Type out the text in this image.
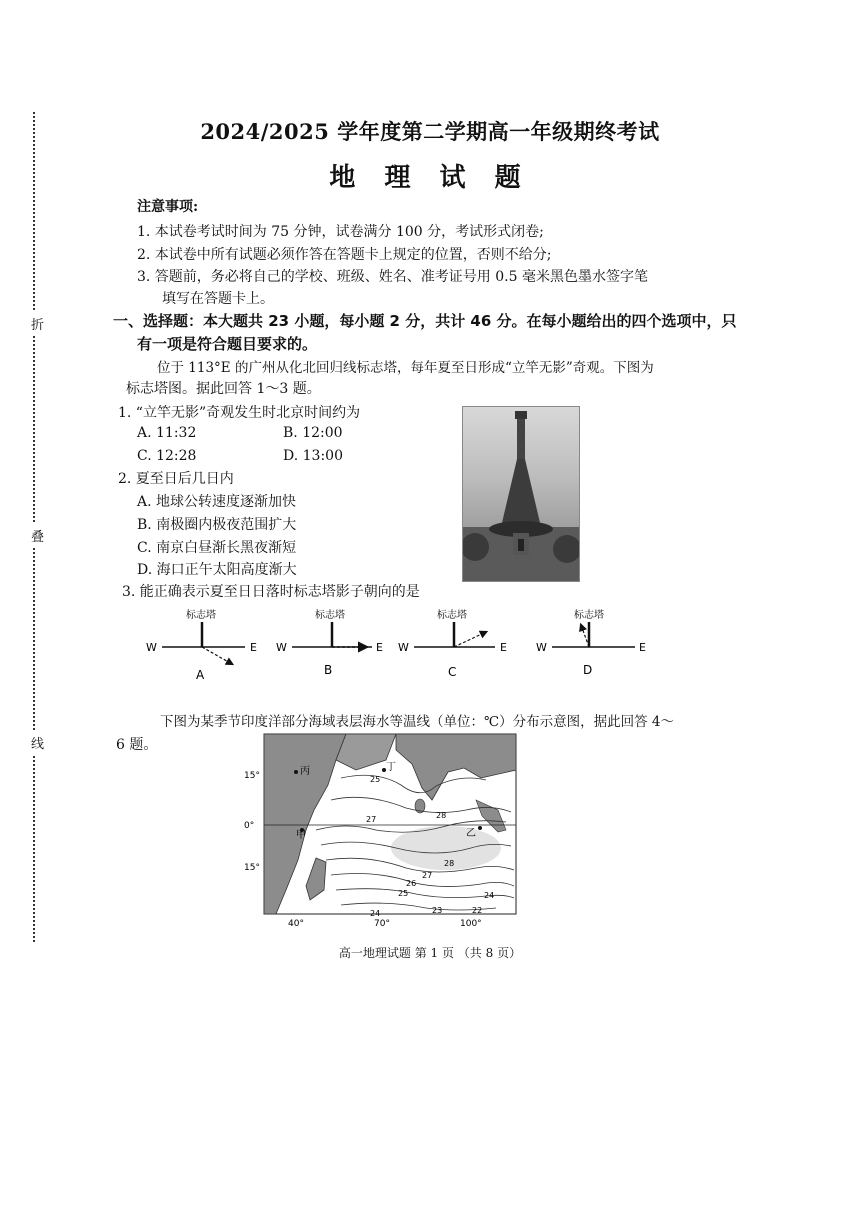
折
叠
线
2024/2025 学年度第二学期高一年级期终考试
地 理 试 题
注意事项:
1. 本试卷考试时间为 75 分钟，试卷满分 100 分，考试形式闭卷;
2. 本试卷中所有试题必须作答在答题卡上规定的位置，否则不给分;
3. 答题前，务必将自己的学校、班级、姓名、准考证号用 0.5 毫米黑色墨水签字笔
填写在答题卡上。
一、选择题：本大题共 23 小题，每小题 2 分，共计 46 分。在每小题给出的四个选项中，只
有一项是符合题目要求的。
位于 113°E 的广州从化北回归线标志塔，每年夏至日形成“立竿无影”奇观。下图为
标志塔图。据此回答 1～3 题。
1. “立竿无影”奇观发生时北京时间约为
A. 11:32	B. 12:00
C. 12:28	D. 13:00
2. 夏至日后几日内
A. 地球公转速度逐渐加快
B. 南极圈内极夜范围扩大
C. 南京白昼渐长黑夜渐短
D. 海口正午太阳高度渐大
3. 能正确表示夏至日日落时标志塔影子朝向的是
标志塔
W	E
A
标志塔
W	E
B
标志塔
W	E
C
标志塔
W	E
D
下图为某季节印度洋部分海域表层海水等温线（单位：℃）分布示意图，据此回答 4～
6 题。
15°
0°
15°
40°	70°	100°
丙	丁
甲	乙
25
27	28
28
27
26
25
24	23	22
24
高一地理试题 第 1 页 （共 8 页）
